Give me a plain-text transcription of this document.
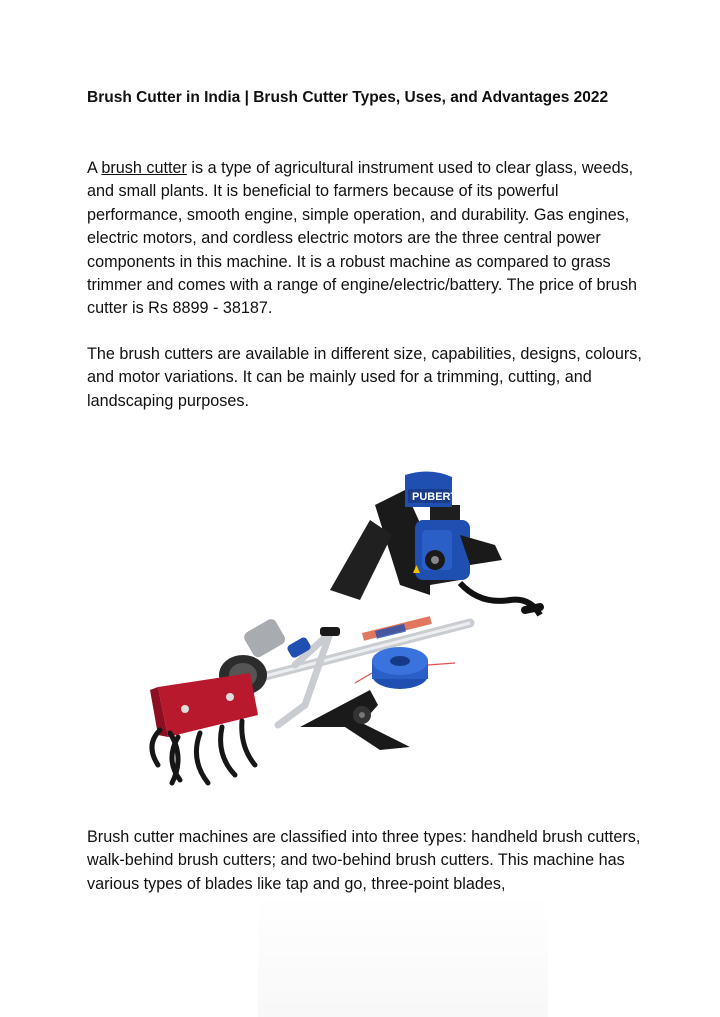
Brush Cutter in India | Brush Cutter Types, Uses, and Advantages 2022

A brush cutter is a type of agricultural instrument used to clear glass, weeds, and small plants. It is beneficial to farmers because of its powerful performance, smooth engine, simple operation, and durability. Gas engines, electric motors, and cordless electric motors are the three central power components in this machine. It is a robust machine as compared to grass trimmer and comes with a range of engine/electric/battery. The price of brush cutter is Rs 8899 - 38187.

The brush cutters are available in different size, capabilities, designs, colours, and motor variations. It can be mainly used for a trimming, cutting, and landscaping purposes.

PUBERT

Brush cutter machines are classified into three types: handheld brush cutters, walk-behind brush cutters; and two-behind brush cutters. This machine has various types of blades like tap and go, three-point blades,
